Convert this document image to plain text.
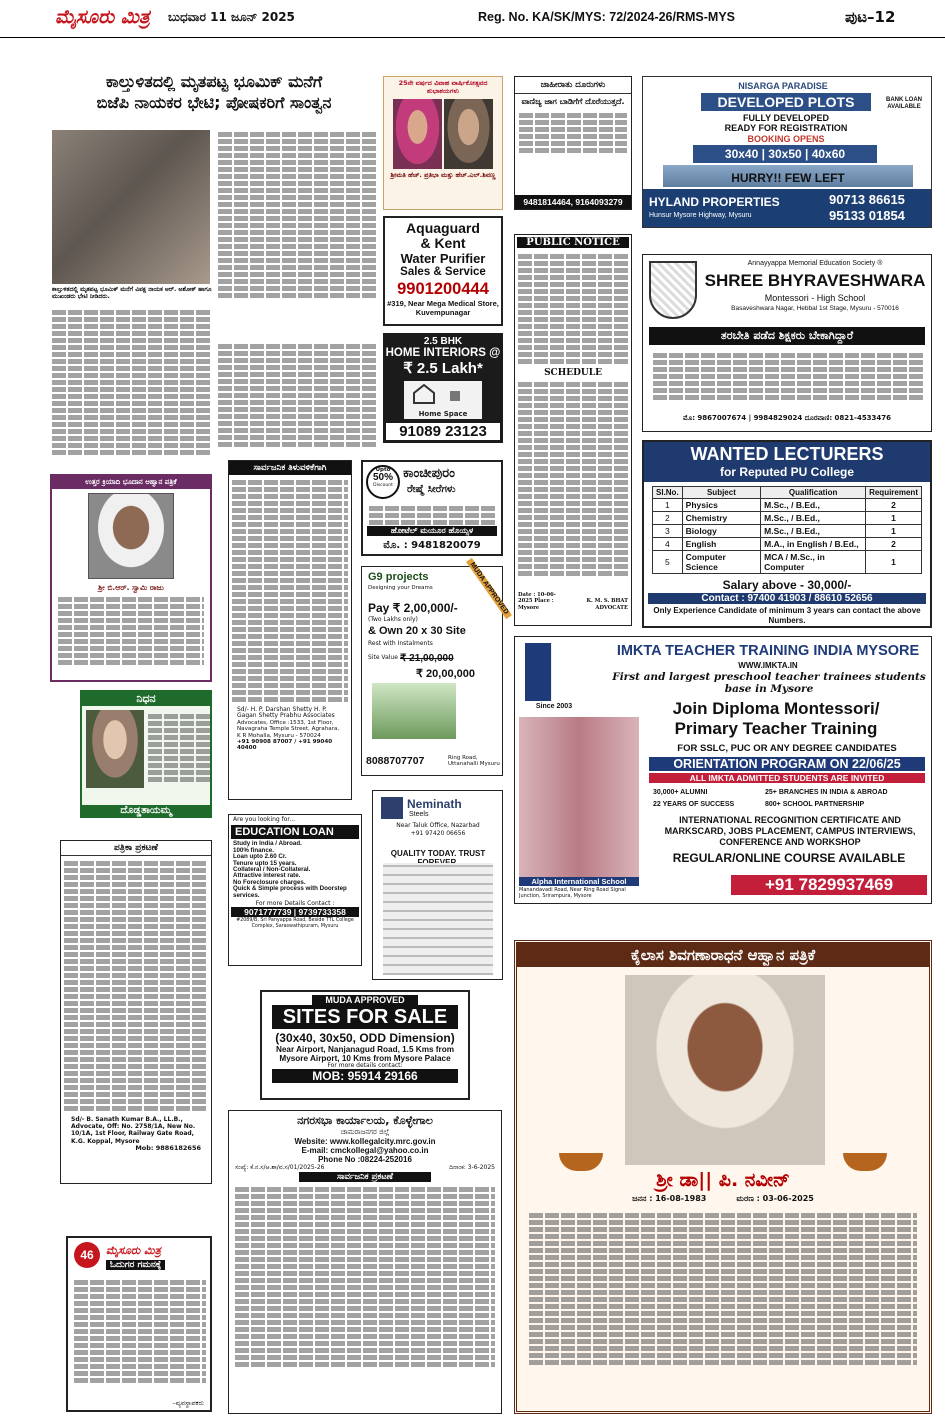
ಮೈಸೂರು ಮಿತ್ರ ಬುಧವಾರ 11 ಜೂನ್ 2025	Reg. No. KA/SK/MYS: 72/2024-26/RMS-MYS	ಪುಟ–12
ಕಾಲ್ತುಳಿತದಲ್ಲಿ ಮೃತಪಟ್ಟ ಭೂಮಿಕ್ ಮನೆಗೆ
ಬಿಜೆಪಿ ನಾಯಕರ ಭೇಟಿ; ಪೋಷಕರಿಗೆ ಸಾಂತ್ವನ
ಕಾಲ್ತುಳಿತದಲ್ಲಿ ಮೃತಪಟ್ಟ ಭೂಮಿಕ್ ಮನೆಗೆ ವಿಪಕ್ಷ ನಾಯಕ ಆರ್. ಅಶೋಕ್ ಹಾಗೂ ಮುಖಂಡರು ಭೇಟಿ ನೀಡಿದರು.
25ನೇ ವರ್ಷದ ವಿವಾಹ ವಾರ್ಷಿಕೋತ್ಸವದ ಶುಭಾಶಯಗಳು
ಶ್ರೀಮತಿ ಹೆಚ್. ಪ್ರತಿಭಾ ಮತ್ತು ಹೆಚ್.ಎಲ್.ಶಿವಣ್ಣ
Aquaguard
& Kent
Water Purifier
Sales & Service
9901200444
#319, Near Mega Medical Store, Kuvempunagar
2.5 BHK
HOME INTERIORS @
₹ 2.5 Lakh*
Home Space
91089 23123
ಜಾಹೀರಾತು ದೂರುಗಳು
ವಾಣಿಜ್ಯ ಜಾಗ ಬಾಡಿಗೆಗೆ ದೊರೆಯುತ್ತದೆ.
9481814464, 9164093279
NISARGA PARADISE
DEVELOPED PLOTS
FULLY DEVELOPED
READY FOR REGISTRATION
BOOKING OPENS
30x40 | 30x50 | 40x60
BANK LOAN AVAILABLE
HURRY!! FEW LEFT
HYLAND PROPERTIES
Hunsur Mysore Highway, Mysuru
90713 86615
95133 01854
PUBLIC NOTICE
SCHEDULE
Date : 10-06-2025 Place : Mysore
K. M. S. BHAT ADVOCATE
Annayyappa Memorial Education Society ®
SHREE BHYRAVESHWARA
Montessori - High School
Basaveshwara Nagar, Hebbal 1st Stage, Mysuru - 570016
ತರಬೇತಿ ಪಡೆದ ಶಿಕ್ಷಕರು ಬೇಕಾಗಿದ್ದಾರೆ
ಮೊ: 9867007674 | 9984829024 ದೂರವಾಣಿ: 0821-4533476
WANTED LECTURERS
for Reputed PU College
Sl.No.	Subject	Qualification	Requirement
1	Physics	M.Sc., / B.Ed.,	2
2	Chemistry	M.Sc., / B.Ed.,	1
3	Biology	M.Sc., / B.Ed.,	1
4	English	M.A., in English / B.Ed.,	2
5	Computer Science	MCA / M.Sc., in Computer	1
Salary above - 30,000/-
Contact : 97400 41903 / 88610 52656
Only Experience Candidate of minimum 3 years can contact the above Numbers.
ಉತ್ತರ ಕ್ರಿಯಾದಿ ಭೂದಾನ ಆಹ್ವಾನ ಪತ್ರಿಕೆ
ಶ್ರೀ ಬಿ.ಆರ್. ಸ್ವಾಮಿ ರಾಜು
ನಿಧನ
ದೊಡ್ಡತಾಯಮ್ಮ
ಸಾರ್ವಜನಿಕ ತಿಳುವಳಿಕೆಗಾಗಿ
Sd/- H. P. Darshan Shetty H. P. Gagan Shetty Prabhu Associates
Advocates, Office :1533, 1st Floor, Navagraha Temple Street, Agrahara, K R Mohalla, Mysuru - 570024
+91 90908 87007 / +91 99040 40400
Upto
50%
Discount
ಕಾಂಚೀಪುರಂ
ರೇಷ್ಮೆ ಸೀರೆಗಳು
ಹೋಟೆಲ್ ಮಯೂರ ಹೊಯ್ಸಳ
ಮೊ. : 9481820079
G9 projects
Designing your Dreams	MUDA APPROVED
Pay ₹ 2,00,000/-
(Two Lakhs only)
& Own 20 x 30 Site
Rest with Instalments
Site Value ₹ 21,00,000
₹ 20,00,000
8088707707	Ring Road, Uttanahalli Mysuru
Neminath
Steels
Near Taluk Office, Nazarbad
+91 97420 06656
QUALITY TODAY. TRUST
Are you looking for...
EDUCATION LOAN
Study in India / Abroad.
100% finance.
Loan upto 2.60 Cr.
Tenure upto 15 years.
Collateral / Non-Collateral.
Attractive interest rate.
No Foreclosure charges.
Quick & Simple process with Doorstep services.
For more Details Contact :
9071777739 | 9739733358
#2089/B, Sri Panyappa Road, Beside TTL College Complex, Saraswathipuram, Mysuru
ಪತ್ರಿಕಾ ಪ್ರಕಟಣೆ
Sd/- B. Sanath Kumar B.A., LL.B., Advocate, Off: No. 2758/1A, New No. 10/1A, 1st Floor, Railway Gate Road, K.G. Koppal, Mysore
Mob: 9886182656
MUDA APPROVED
SITES FOR SALE
(30x40, 30x50, ODD Dimension)
Near Airport, Nanjanagud Road, 1.5 Kms from
Mysore Airport, 10 Kms from Mysore Palace
For more details contact:
MOB: 95914 29166
ನಗರಸಭಾ ಕಾರ್ಯಾಲಯ, ಕೊಳ್ಳೇಗಾಲ
ಚಾಮರಾಜನಗರ ಜಿಲ್ಲೆ
Website: www.kollegalcity.mrc.gov.in
E-mail: cmckollegal@yahoo.co.in
Phone No :08224-252016
ಸಂಖ್ಯೆ: ಕೆ.ನ.ಸ/ಆ.ಶಾ/ವ.ಸ/01/2025-26	ದಿನಾಂಕ: 3-6-2025
ಸಾರ್ವಜನಿಕ ಪ್ರಕಟಣೆ
46	ಮೈಸೂರು ಮಿತ್ರ
ಓದುಗರ ಗಮನಕ್ಕೆ
–ವ್ಯವಸ್ಥಾಪಕರು
IMKTA TEACHER TRAINING INDIA MYSORE
WWW.IMKTA.IN
First and largest preschool teacher trainees students base in Mysore
Since 2003	Join Diploma Montessori/
Primary Teacher Training
FOR SSLC, PUC OR ANY DEGREE CANDIDATES
ORIENTATION PROGRAM ON 22/06/25
ALL IMKTA ADMITTED STUDENTS ARE INVITED
30,000+ ALUMNI	25+ BRANCHES IN INDIA & ABROAD
22 YEARS OF SUCCESS	800+ SCHOOL PARTNERSHIP
INTERNATIONAL RECOGNITION CERTIFICATE AND MARKSCARD, JOBS PLACEMENT, CAMPUS INTERVIEWS, CONFERENCE AND WORKSHOP
REGULAR/ONLINE COURSE AVAILABLE
Alpha International School
Manandavadi Road, Near Ring Road Signal Junction, Srirampura, Mysore
+91 7829937469
ಕೈಲಾಸ ಶಿವಗಣಾರಾಧನೆ ಆಹ್ವಾನ ಪತ್ರಿಕೆ
ಶ್ರೀ ಡಾ|| ಪಿ. ನವೀನ್
ಜನನ : 16-08-1983	ಮರಣ : 03-06-2025
